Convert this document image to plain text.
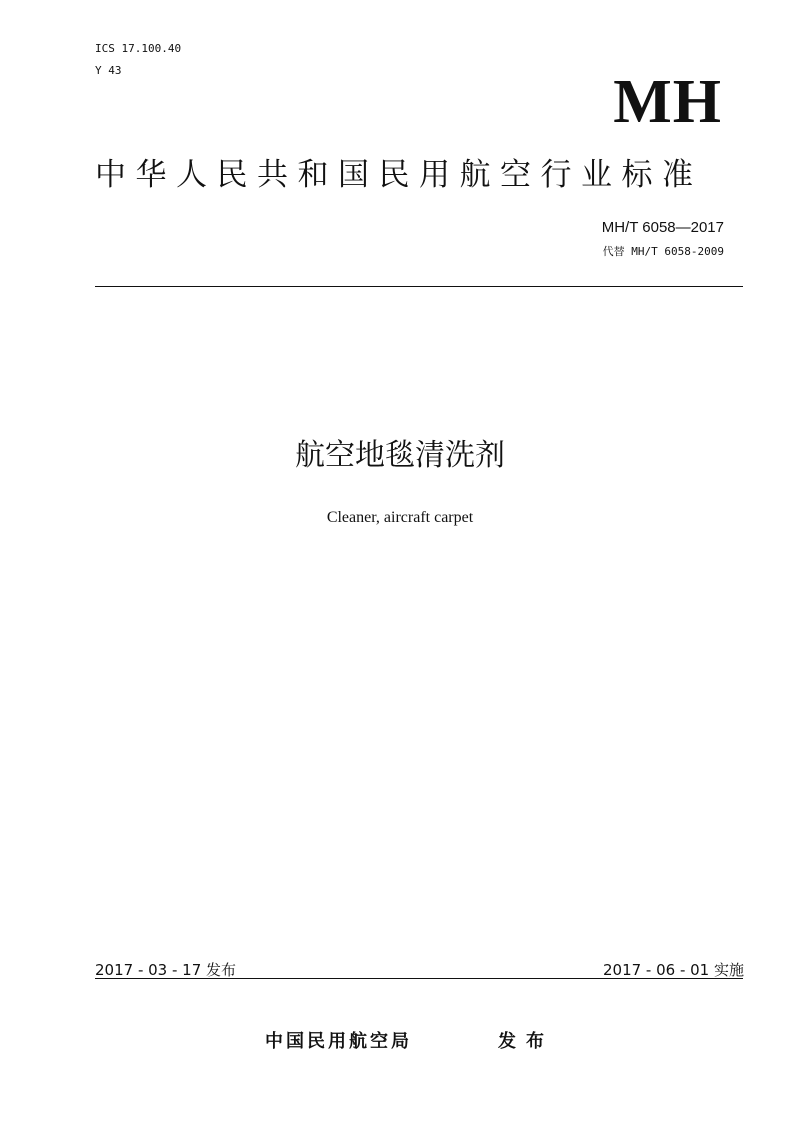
ICS 17.100.40
Y 43	MH
中华人民共和国民用航空行业标准
MH/T 6058—2017
代替 MH/T 6058-2009
航空地毯清洗剂
Cleaner, aircraft carpet
2017 - 03 - 17 发布	2017 - 06 - 01 实施
中国民用航空局	发布
